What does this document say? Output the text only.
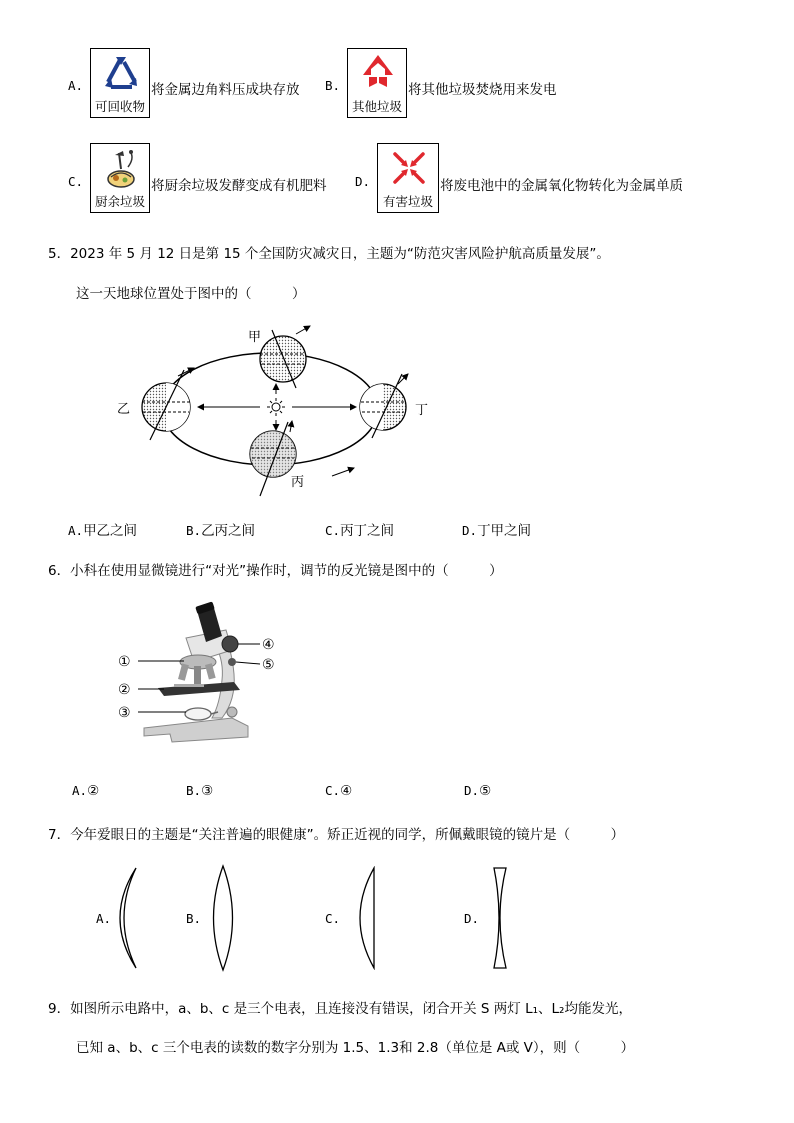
A.
可回收物
将金属边角料压成块存放 B.
其他垃圾
将其他垃圾焚烧用来发电
C.
厨余垃圾
将厨余垃圾发酵变成有机肥料 D.
有害垃圾
将废电池中的金属氧化物转化为金属单质
5．2023 年 5 月 12 日是第 15 个全国防灾减灾日，主题为“防范灾害风险护航高质量发展”。
这一天地球位置处于图中的（　　　）
甲
乙	丁
丙
A.甲乙之间	B.乙丙之间	C.丙丁之间	D.丁甲之间
6．小科在使用显微镜进行“对光”操作时，调节的反光镜是图中的（　　　）
①
②
③
④
⑤
A.②	B.③	C.④	D.⑤
7．今年爱眼日的主题是“关注普遍的眼健康”。矫正近视的同学，所佩戴眼镜的镜片是（　　　）
A.	B.	C.	D.
9．如图所示电路中，a、b、c 是三个电表，且连接没有错误，闭合开关 S 两灯 L₁、L₂均能发光，
已知 a、b、c 三个电表的读数的数字分别为 1.5、1.3和 2.8（单位是 A或 V），则（　　　）
